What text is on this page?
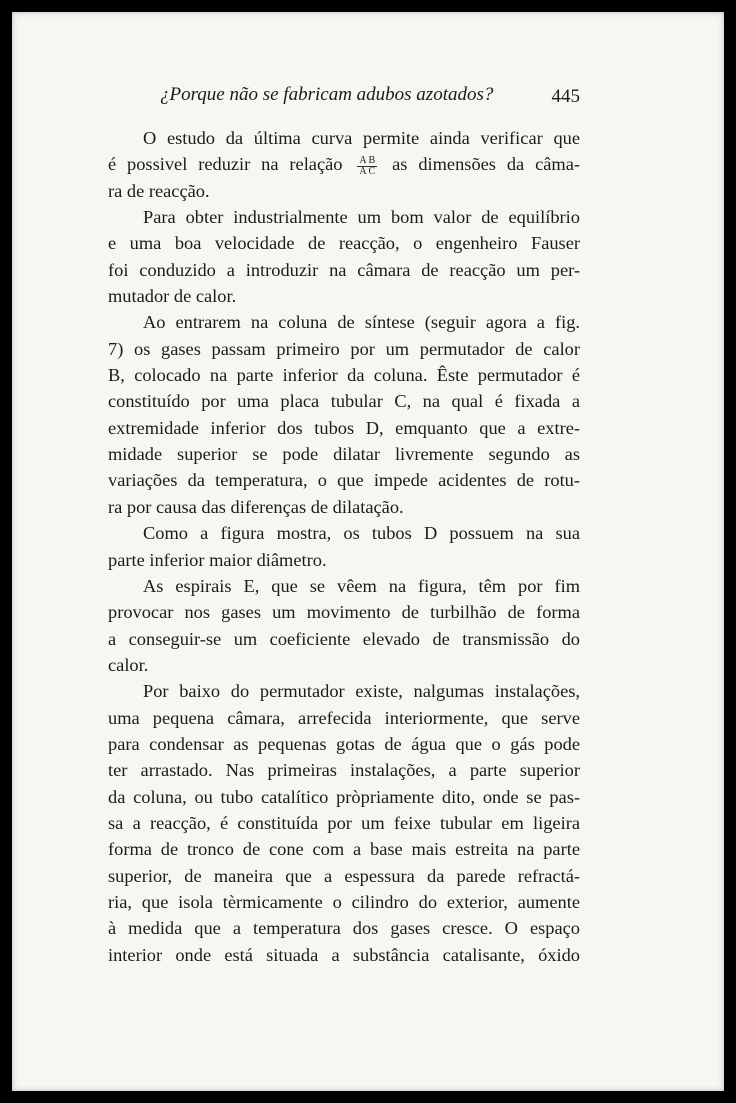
¿Porque não se fabricam adubos azotados?	445
O estudo da última curva permite ainda verificar que
é possivel reduzir na relação $\frac{\text{A B}}{\text{A C}}$ as dimensões da câma-
ra de reacção.
Para obter industrialmente um bom valor de equilíbrio
e uma boa velocidade de reacção, o engenheiro Fauser
foi conduzido a introduzir na câmara de reacção um per-
mutador de calor.
Ao entrarem na coluna de síntese (seguir agora a fig.
7) os gases passam primeiro por um permutador de calor
B, colocado na parte inferior da coluna. Êste permutador é
constituído por uma placa tubular C, na qual é fixada a
extremidade inferior dos tubos D, emquanto que a extre-
midade superior se pode dilatar livremente segundo as
variações da temperatura, o que impede acidentes de rotu-
ra por causa das diferenças de dilatação.
Como a figura mostra, os tubos D possuem na sua
parte inferior maior diâmetro.
As espirais E, que se vêem na figura, têm por fim
provocar nos gases um movimento de turbilhão de forma
a conseguir-se um coeficiente elevado de transmissão do
calor.
Por baixo do permutador existe, nalgumas instalações,
uma pequena câmara, arrefecida interiormente, que serve
para condensar as pequenas gotas de água que o gás pode
ter arrastado. Nas primeiras instalações, a parte superior
da coluna, ou tubo catalítico pròpriamente dito, onde se pas-
sa a reacção, é constituída por um feixe tubular em ligeira
forma de tronco de cone com a base mais estreita na parte
superior, de maneira que a espessura da parede refractá-
ria, que isola tèrmicamente o cilindro do exterior, aumente
à medida que a temperatura dos gases cresce. O espaço
interior onde está situada a substância catalisante, óxido
